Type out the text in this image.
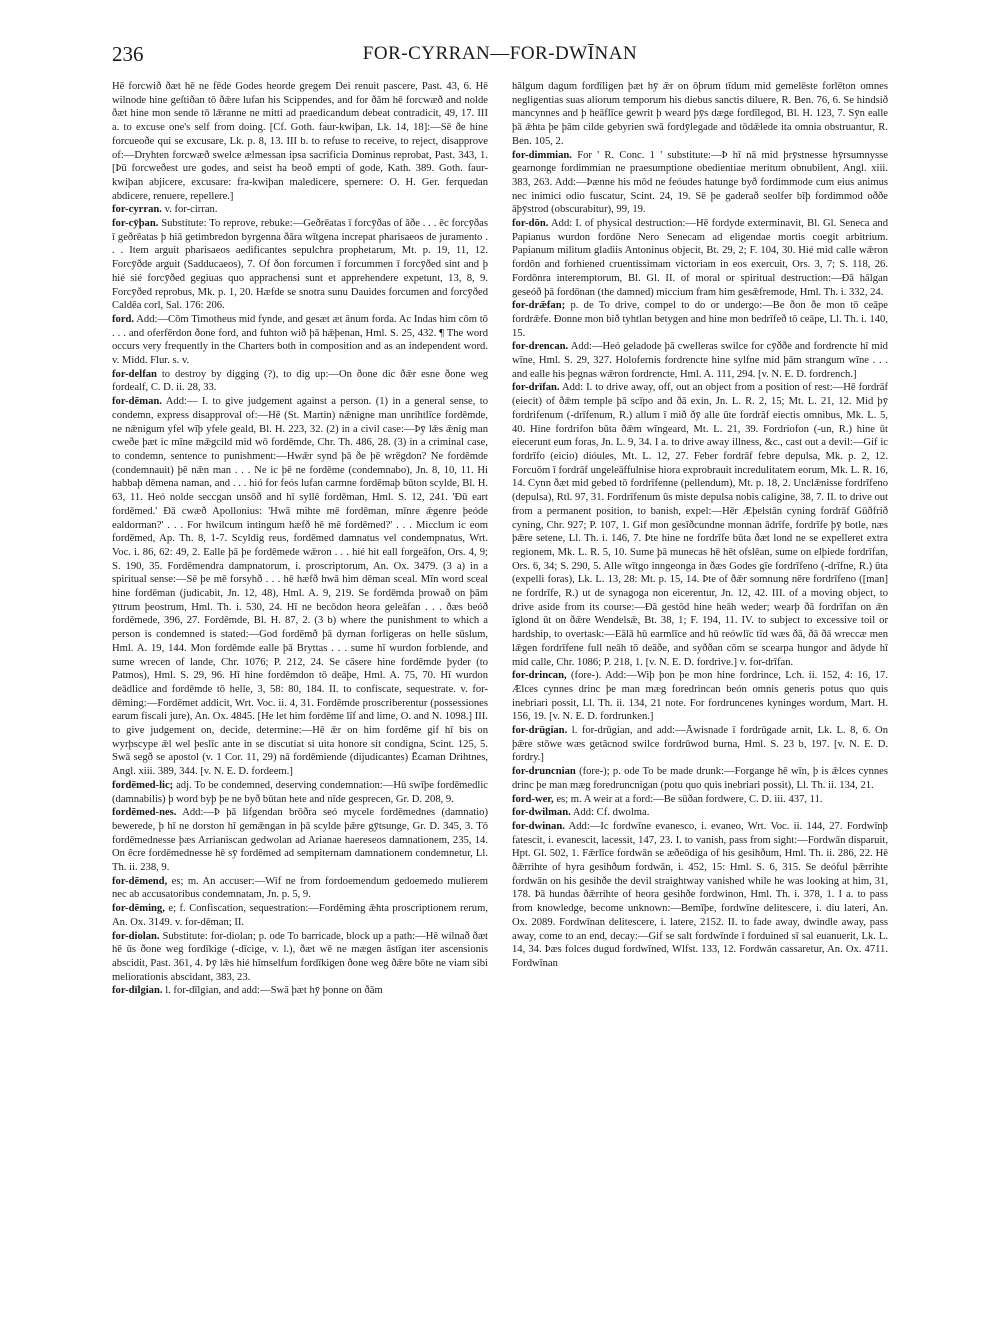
236	FOR-CYRRAN—FOR-DWĪNAN

Hē forcwið ðæt hē ne fēde Godes heorde gregem Dei renuit pascere, Past. 43, 6. Hē wilnode hine geſtiðan tō ðǣre lufan his Scippendes, and for ðām hē forcwæð and nolde ðæt hine mon sende tō lǣranne ne mitti ad praedicandum debeat contradicit, 49, 17. III a. to excuse one's self from doing. [Cf. Goth. faur-kwiþan, Lk. 14, 18]:—Sē ðe hine forcueoðe qui se excusare, Lk. p. 8, 13. III b. to refuse to receive, to reject, disapprove of:—Dryhten forcwæð swelce ælmessan ipsa sacrificia Dominus reprobat, Past. 343, 1. [Þū forcweðest ure godes, and seist ha beoð empti of gode, Kath. 389. Goth. faur-kwiþan abjicere, excusare: fra-kwiþan maledicere, spernere: O. H. Ger. ferquedan abdicere, renuere, repellere.]

for-cyrran. v. for-cirran.

for-cȳþan. Substitute: To reprove, rebuke:—Geðrēatas ī forcȳðas of āðe . . . ēc forcȳðas ī geðrēatas þ hiā getimbredon byrgenna ðāra wītgena increpat pharisaeos de juramento . . . Item arguit pharisaeos aedificantes sepulchra prophetarum, Mt. p. 19, 11, 12. Forcȳðde arguit (Sadducaeos), 7. Of ðon forcumen ī forcummen ī forcȳðed sint and þ hié sié forcȳðed gegiuas quo apprachensi sunt et apprehendere expetunt, 13, 8, 9. Forcȳðed reprobus, Mk. p. 1, 20. Hæfde se snotra sunu Dauides forcumen and forcȳðed Caldēa corl, Sal. 176: 206.

ford. Add:—Cōm Timotheus mid fynde, and gesæt æt ānum forda. Ac Indas him cōm tō . . . and oferfērdon ðone ford, and fuhton wið þā hǣþenan, Hml. S. 25, 432. ¶ The word occurs very frequently in the Charters both in composition and as an independent word. v. Midd. Flur. s. v.

for-delfan to destroy by digging (?), to dig up:—On ðone dic ðǣr esne ðone weg fordealf, C. D. ii. 28, 33.

for-dēman. Add:— I. to give judgement against a person. (1) in a general sense, to condemn, express disapproval of:—Hē (St. Martin) nǣnigne man unrihtlīce fordēmde, ne nǣnigum yfel wīþ yfele geald, Bl. H. 223, 32. (2) in a civil case:—Þȳ lǣs ǣnig man cweðe þæt ic mīne mǣgcild mid wō fordēmde, Chr. Th. 486, 28. (3) in a criminal case, to condemn, sentence to punishment:—Hwǣr synd þā ðe þē wrēgdon? Ne fordēmde (condemnauit) þē nǣn man . . . Ne ic þē ne fordēme (condemnabo), Jn. 8, 10, 11. Hi habbaþ dēmena naman, and . . . hió for feós lufan carmne fordēmaþ būton scylde, Bl. H. 63, 11. Heó nolde seccgan unsōð and hī syllē fordēman, Hml. S. 12, 241. 'Ðū eart fordēmed.' Ðā cwæð Apollonius: 'Hwā mihte mē fordēman, mīnre ǣgenre þeóde ealdorman?' . . . For hwilcum intingum hæfð hē mē fordēmed?' . . . Micclum ic eom fordēmed, Ap. Th. 8, 1-7. Scyldig reus, fordēmed damnatus vel condempnatus, Wrt. Voc. i. 86, 62: 49, 2. Ealle þā þe fordēmede wǣron . . . hié hit eall forgeāfon, Ors. 4, 9; S. 190, 35. Fordēmendra dampnatorum, i. proscriptorum, An. Ox. 3479. (3 a) in a spiritual sense:—Sē þe mē forsyhð . . . hē hæfð hwā him dēman sceal. Mīn word sceal hine fordēman (judicabit, Jn. 12, 48), Hml. A. 9, 219. Se fordēmda þrowað on þām ȳttrum þeostrum, Hml. Th. i. 530, 24. Hī ne becōdon heora geleāfan . . . ðæs beóð fordēmede, 396, 27. Fordēmde, Bl. H. 87, 2. (3 b) where the punishment to which a person is condemned is stated:—God fordēmð þā dyrnan forligeras on helle sūslum, Hml. A. 19, 144. Mon fordēmde ealle þā Bryttas . . . sume hī wurdon forblende, and sume wrecen of lande, Chr. 1076; P. 212, 24. Se cāsere hine fordēmde þyder (to Patmos), Hml. S. 29, 96. Hī hine fordēmdon tō deāþe, Hml. A. 75, 70. Hī wurdon deādlice and fordēmde tō helle, 3, 58: 80, 184. II. to confiscate, sequestrate. v. for-dēming:—Fordēmet addicit, Wrt. Voc. ii. 4, 31. Fordēmde proscriberentur (possessiones earum fiscali jure), An. Ox. 4845. [He let him fordēme līf and lime, O. and N. 1098.] III. to give judgement on, decide, determine:—Hē ǣr on him fordēme gif hī bis on wyrþscype ǣl wel þeslīc ante in se discutiat si uita honore sit condigna, Scint. 125, 5. Swā segð se apostol (v. 1 Cor. 11, 29) nā fordēmiende (dijudicantes) Ēcaman Drihtnes, Angl. xiii. 389, 344. [v. N. E. D. fordeem.]

fordēmed-lic; adj. To be condemned, deserving condemnation:—Hū swīþe fordēmedlic (damnabilis) þ word byþ þe ne byð būtan hete and nīde gesprecen, Gr. D. 208, 9.

fordēmed-nes. Add:—Þ þā lifgendan brōðra seó mycele fordēmednes (damnatio) bewerede, þ hī ne dorston hī gemǣngan in þā scylde þǣre gȳtsunge, Gr. D. 345, 3. Tō fordēmednesse þæs Arrianiscan gedwolan ad Arianae haereseos damnationem, 235, 14. On ēcre fordēmednesse hē sȳ fordēmed ad sempiternam damnationem condemnetur, Ll. Th. ii. 238, 9.

for-dēmend, es; m. An accuser:—Wif ne from fordoemendum gedoemedo mulierem nec ab accusatoribus condemnatam, Jn. p. 5, 9.

for-dēming, e; f. Confiscation, sequestration:—Fordēming ǣhta proscriptionem rerum, An. Ox. 3149. v. for-dēman; II.

for-diolan. Substitute: for-diolan; p. ode To barricade, block up a path:—Hē wilnað ðæt hē ūs ðone weg fordīkige (-dīcige, v. l.), ðæt wē ne mægen āstīgan iter ascensionis abscidit, Past. 361, 4. Þȳ lǣs hié hīmselfum fordīkigen ðone weg ðǣre bōte ne viam sibi meliorationis abscidant, 383, 23.

for-dīlgian. l. for-dīlgian, and add:—Swā þæt hȳ þonne on ðām

hālgum dagum fordīligen þæt hȳ ǣr on ōþrum tīdum mid gemelēste forlēton omnes negligentias suas aliorum temporum his diebus sanctis diluere, R. Ben. 76, 6. Se hindsið mancynnes and þ heāflīce gewrit þ weard þȳs dæge fordīlegod, Bl. H. 123, 7. Sȳn ealle þā ǣhta þe þām cilde gebyrien swā fordȳlegade and tōdǣlede ita omnia obstruantur, R. Ben. 105, 2.

for-dimmian. For ' R. Conc. 1 ' substitute:—Þ hī nā mid þrȳstnesse hȳrsumnysse gearnonge fordimmian ne praesumptione obedientiae meritum obnubilent, Angl. xiii. 383, 263. Add:—Þænne his mōd ne feóudes hatunge byð fordimmode cum eius animus nec inimici odio fuscatur, Scint. 24, 19. Sē þe gaderað seolfer bīþ fordimmod oððe āþȳstrod (obscurabitur), 99, 19.

for-dōn. Add: I. of physical destruction:—Hē fordyde exterminavit, Bl. Gl. Seneca and Papianus wurdon fordōne Nero Senecam ad eligendae mortis coegit arbitrium. Papianum militum gladiis Antoninus objecit, Bt. 29, 2; F. 104, 30. Hié mid calle wǣron fordōn and forhiened cruentissimam victoriam in eos exercuit, Ors. 3, 7; S. 118, 26. Fordōnra interemptorum, Bl. Gl. II. of moral or spiritual destruction:—Ðā hālgan geseóð þā fordōnan (the damned) miccium fram him gesǣfremode, Hml. Th. i. 332, 24.

for-drǣfan; p. de To drive, compel to do or undergo:—Be ðon ðe mon tō ceāpe fordrǣfe. Ðonne mon bið tyhtlan betygen and hine mon bedrīfeð tō ceāpe, Ll. Th. i. 140, 15.

for-drencan. Add:—Heó geladode þā cwelleras swilce for cȳððe and fordrencte hī mid wīne, Hml. S. 29, 327. Holofernis fordrencte hine sylfne mid þām strangum wīne . . . and ealle his þegnas wǣron fordrencte, Hml. A. 111, 294. [v. N. E. D. fordrench.]

for-drīfan. Add: I. to drive away, off, out an object from a position of rest:—Hē fordrāf (eiecit) of ðǣm temple þā scīpo and ðā exin, Jn. L. R. 2, 15; Mt. L. 21, 12. Mid þȳ fordrifenum (-drīfenum, R.) allum ī mið ðȳ alle ūte fordrāf eiectis omnibus, Mk. L. 5, 40. Hine fordrifon būta ðǣm wīngeard, Mt. L. 21, 39. Fordriofon (-un, R.) hine ūt eiecerunt eum foras, Jn. L. 9, 34. I a. to drive away illness, &c., cast out a devil:—Gif ic fordrīfo (eicio) dióules, Mt. L. 12, 27. Feber fordrāf febre depulsa, Mk. p. 2, 12. Forcuōm ī fordrāf ungeleāffulnise hiora exprobrauit incredulitatem eorum, Mk. L. R. 16, 14. Cynn ðæt mid gebed tō fordrīfenne (pellendum), Mt. p. 18, 2. Unclǣnisse fordrīfeno (depulsa), Rtl. 97, 31. Fordrīfenum ūs miste depulsa nobis caligine, 38, 7. II. to drive out from a permanent position, to banish, expel:—Hēr Æþelstān cyning fordrāf Gūðfrið cyning, Chr. 927; P. 107, 1. Gif mon gesīðcundne monnan ādrīfe, fordrīfe þȳ botle, næs þǣre setene, Ll. Th. i. 146, 7. Þte hine ne fordrīfe būta ðæt lond ne se expelleret extra regionem, Mk. L. R. 5, 10. Sume þā munecas hē hēt ofslēan, sume on elþiede fordrīfan, Ors. 6, 34; S. 290, 5. Alle wītgo inngeonga in ðæs Godes gīe fordrīfeno (-drīfne, R.) ūta (expelli foras), Lk. L. 13, 28: Mt. p. 15, 14. Þte of ðǣr somnung nēre fordrīfeno ([man] ne fordrīfe, R.) ut de synagoga non eicerentur, Jn. 12, 42. III. of a moving object, to drive aside from its course:—Ðā gestōd hine heāh weder; wearþ ðā fordrīfan on ǣn īglond ūt on ðǣre Wendelsǣ, Bt. 38, 1; F. 194, 11. IV. to subject to excessive toil or hardship, to overtask:—Eālā hū earmlīce and hū reówlīc tīd wæs ðā, ðā ðā wreccæ men lǣgen fordrīfene full neāh tō deāðe, and syððan cōm se scearpa hungor and ādyde hī mid calle, Chr. 1086; P. 218, 1. [v. N. E. D. fordrive.] v. for-drīfan.

for-drincan, (fore-). Add:—Wiþ þon þe mon hine fordrince, Lch. ii. 152, 4: 16, 17. Ælces cynnes drinc þe man mæg foredrincan beón omnis generis potus quo quis inebriari possit, Ll. Th. ii. 134, 21 note. For fordruncenes kyninges wordum, Mart. H. 156, 19. [v. N. E. D. fordrunken.]

for-drūgian. l. for-drūgian, and add:—Āwisnade ī fordrūgade arnit, Lk. L. 8, 6. On þǣre stōwe wæs getācnod swilce fordrūwod burna, Hml. S. 23 b, 197. [v. N. E. D. fordry.]

for-druncnian (fore-); p. ode To be made drunk:—Forgange hē wīn, þ is ǣlces cynnes drinc þe man mæg foredruncnigan (potu quo quis inebriari possit), Ll. Th. ii. 134, 21.

ford-wer, es; m. A weir at a ford:—Be sūðan fordwere, C. D. iii. 437, 11.

for-dwilman. Add: Cf. dwolma.

for-dwinan. Add:—Ic fordwīne evanesco, i. evaneo, Wrt. Voc. ii. 144, 27. Fordwīnþ fatescit, i. evanescit, lacessit, 147, 23. I. to vanish, pass from sight:—Fordwān disparuit, Hpt. Gl. 502, 1. Fǣrlīce fordwān se æðeōdiga of his gesihðum, Hml. Th. ii. 286, 22. Hē ðǣrrihte of hyra gesihðum fordwān, i. 452, 15: Hml. S. 6, 315. Se deóful þǣrrihte fordwān on his gesihðe the devil straightway vanished while he was looking at him, 31, 178. Þā hundas ðǣrrihte of heora gesihðe fordwinon, Hml. Th. i. 378, 1. I a. to pass from knowledge, become unknown:—Bemīþe, fordwīne delitescere, i. diu lateri, An. Ox. 2089. Fordwīnan delitescere, i. latere, 2152. II. to fade away, dwindle away, pass away, come to an end, decay:—Gif se salt fordwīnde ī forduined sī sal euanuerit, Lk. L. 14, 34. Þæs folces dugud fordwīned, Wlfst. 133, 12. Fordwān cassaretur, An. Ox. 4711. Fordwīnan
